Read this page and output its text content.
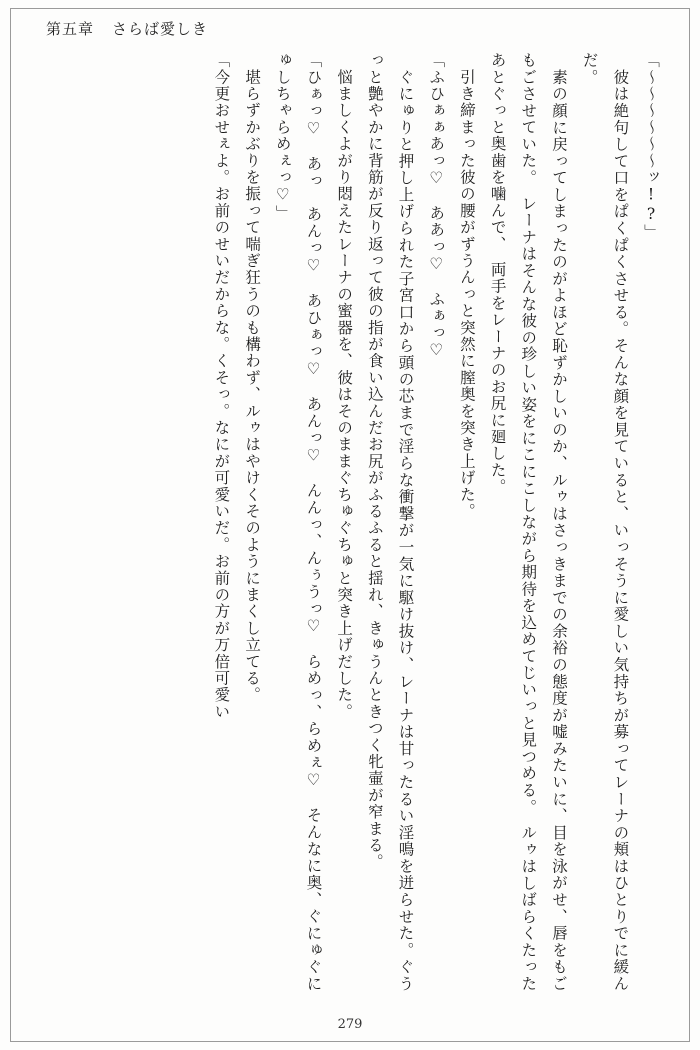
第五章 さらば愛しき

「～～～～～～ッ!?」

　彼は絶句して口をぱくぱくさせる。そんな顔を見ていると、いっそうに愛しい気持ちが募ってレーナの頬はひとりでに緩んだ。

　素の顔に戻ってしまったのがよほど恥ずかしいのか、ルゥはさっきまでの余裕の態度が嘘みたいに、目を泳がせ、唇をもごもごさせていた。　レーナはそんな彼の珍しい姿をにこにこしながら期待を込めてじいっと見つめる。　ルゥはしばらくたったあとぐっと奥歯を噛んで、　両手をレーナのお尻に廻した。

　引き締まった彼の腰がずうんっと突然に膣奥を突き上げた。

「ふひぁぁあっ♡　ああっ♡　ふぁっ♡

　ぐにゅりと押し上げられた子宮口から頭の芯まで淫らな衝撃が一気に駆け抜け、レーナは甘ったるい淫鳴を迸らせた。ぐうっと艶やかに背筋が反り返って彼の指が食い込んだお尻がふるふると揺れ、きゅうんときつく牝壷が窄まる。

　悩ましくよがり悶えたレーナの蜜器を、彼はそのままぐちゅぐちゅと突き上げだした。

「ひぁっ♡　あっ　あんっ♡　あひぁっ♡　あんっ♡　んんっ、んぅうっ♡　らめっ、らめぇ♡　そんなに奥、ぐにゅぐにゅしちゃらめぇっ♡」

　堪らずかぶりを振って喘ぎ狂うのも構わず、ルゥはやけくそのようにまくし立てる。

「今更おせぇよ。お前のせいだからな。くそっ。なにが可愛いだ。お前の方が万倍可愛い

279
